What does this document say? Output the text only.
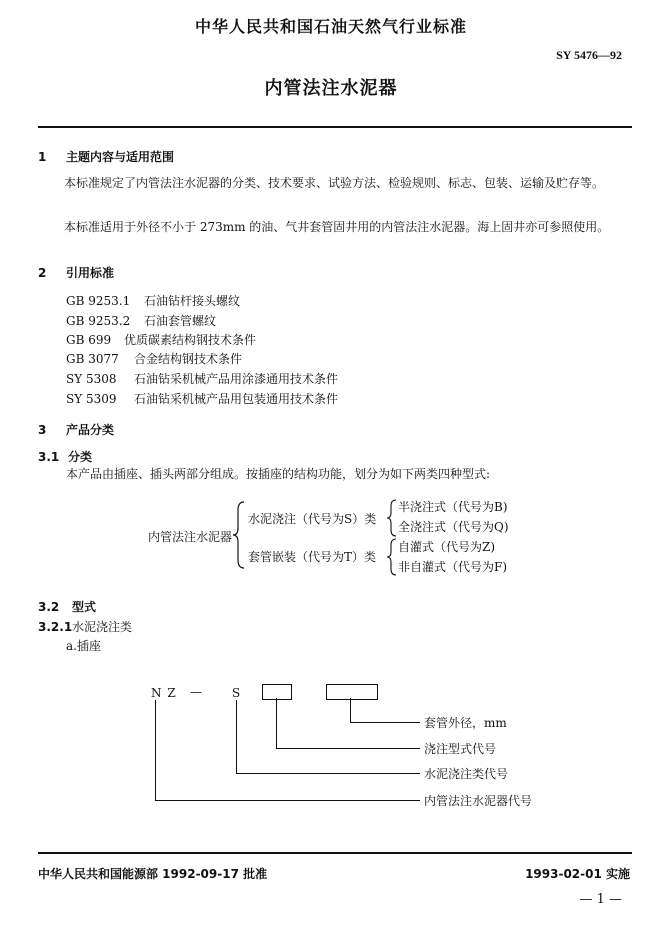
中华人民共和国石油天然气行业标准
SY 5476—92
内管法注水泥器
1 主题内容与适用范围
本标准规定了内管法注水泥器的分类、技术要求、试验方法、检验规则、标志、包装、运输及贮存等。
本标准适用于外径不小于 273mm 的油、气井套管固井用的内管法注水泥器。海上固井亦可参照使用。
2 引用标准
GB 9253.1 石油钻杆接头螺纹
GB 9253.2 石油套管螺纹
GB 699 优质碳素结构钢技术条件
GB 3077 合金结构钢技术条件
SY 5308 石油钻采机械产品用涂漆通用技术条件
SY 5309 石油钻采机械产品用包装通用技术条件
3 产品分类
3.1 分类
本产品由插座、插头两部分组成。按插座的结构功能，划分为如下两类四种型式:
内管法注水泥器
水泥浇注（代号为S）类
套管嵌装（代号为T）类
半浇注式（代号为B)
全浇注式（代号为Q)
自灌式（代号为Z)
非自灌式（代号为F)
3.2 型式
3.2.1水泥浇注类
a.插座
N Z —	S
套管外径，mm
浇注型式代号
水泥浇注类代号
内管法注水泥器代号
中华人民共和国能源部 1992-09-17 批准	1993-02-01 实施
— 1 —
